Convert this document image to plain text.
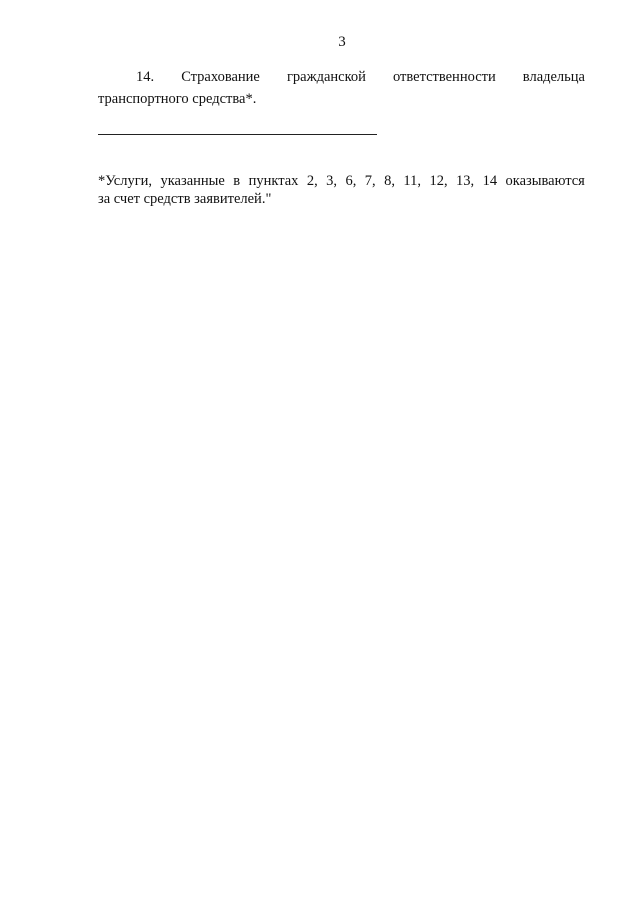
3
14. Страхование гражданской ответственности владельца
транспортного средства*.
*Услуги, указанные в пунктах 2, 3, 6, 7, 8, 11, 12, 13, 14 оказываются
за счет средств заявителей."
